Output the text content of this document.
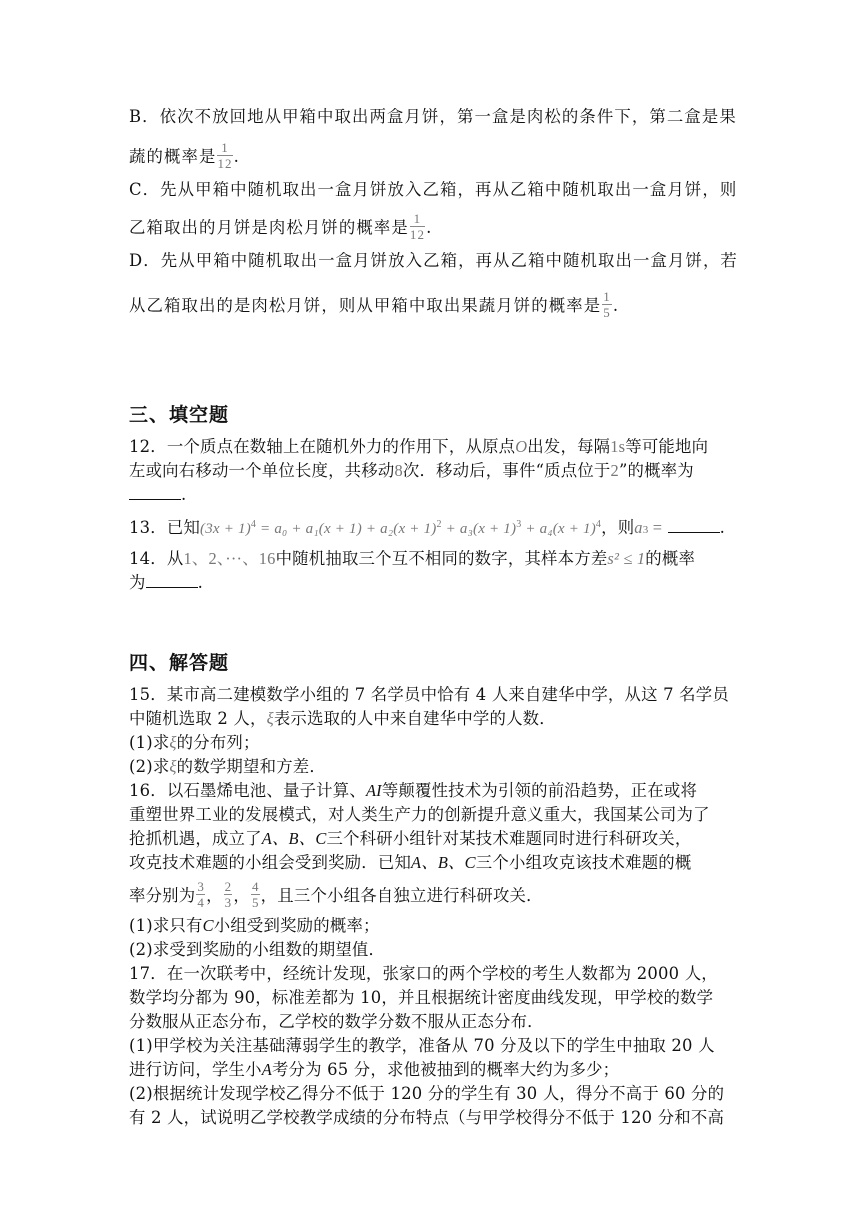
B．依次不放回地从甲箱中取出两盒月饼，第一盒是肉松的条件下，第二盒是果
蔬的概率是 $\frac{1}{12}$ .
C．先从甲箱中随机取出一盒月饼放入乙箱，再从乙箱中随机取出一盒月饼，则
乙箱取出的月饼是肉松月饼的概率是 $\frac{1}{12}$ .
D．先从甲箱中随机取出一盒月饼放入乙箱，再从乙箱中随机取出一盒月饼，若
从乙箱取出的是肉松月饼，则从甲箱中取出果蔬月饼的概率是 $\frac{1}{5}$ .
三、填空题
12．一个质点在数轴上在随机外力的作用下，从原点O出发，每隔1s等可能地向
左或向右移动一个单位长度，共移动8次．移动后，事件“质点位于2”的概率为
.
13．已知$(3x + 1)^4 = a_0 + a_1(x + 1) + a_2(x + 1)^2 + a_3(x + 1)^3 + a_4(x + 1)^4$，则a3 =	.
14．从1、2、···、16中随机抽取三个互不相同的数字，其样本方差s² ≤ 1的概率
为	.
四、解答题
15．某市高二建模数学小组的 7 名学员中恰有 4 人来自建华中学，从这 7 名学员
中随机选取 2 人，ξ表示选取的人中来自建华中学的人数．
(1)求ξ的分布列；
(2)求ξ的数学期望和方差．
16．以石墨烯电池、量子计算、AI等颠覆性技术为引领的前沿趋势，正在或将
重塑世界工业的发展模式，对人类生产力的创新提升意义重大，我国某公司为了
抢抓机遇，成立了A、B、C三个科研小组针对某技术难题同时进行科研攻关，
攻克技术难题的小组会受到奖励．已知A、B、C三个小组攻克该技术难题的概
率分别为 $\frac{3}{4}$ ， $\frac{2}{3}$ ， $\frac{4}{5}$ ，且三个小组各自独立进行科研攻关．
(1)求只有C小组受到奖励的概率；
(2)求受到奖励的小组数的期望值．
17．在一次联考中，经统计发现，张家口的两个学校的考生人数都为 2000 人，
数学均分都为 90，标准差都为 10，并且根据统计密度曲线发现，甲学校的数学
分数服从正态分布，乙学校的数学分数不服从正态分布．
(1)甲学校为关注基础薄弱学生的教学，准备从 70 分及以下的学生中抽取 20 人
进行访问，学生小A考分为 65 分，求他被抽到的概率大约为多少；
(2)根据统计发现学校乙得分不低于 120 分的学生有 30 人，得分不高于 60 分的
有 2 人，试说明乙学校教学成绩的分布特点（与甲学校得分不低于 120 分和不高
